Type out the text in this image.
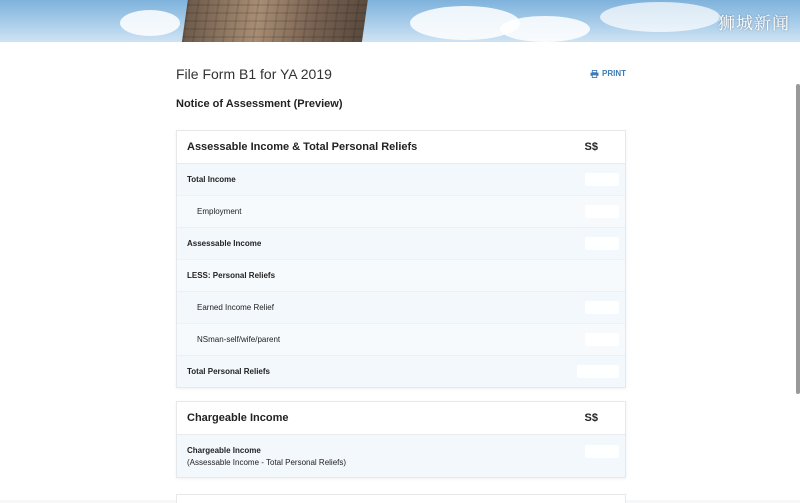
狮城新闻
File Form B1 for YA 2019	PRINT
Notice of Assessment (Preview)
Assessable Income & Total Personal Reliefs	S$
Total Income
Employment
Assessable Income
LESS: Personal Reliefs
Earned Income Relief
NSman-self/wife/parent
Total Personal Reliefs
Chargeable Income	S$
Chargeable Income
(Assessable Income - Total Personal Reliefs)
